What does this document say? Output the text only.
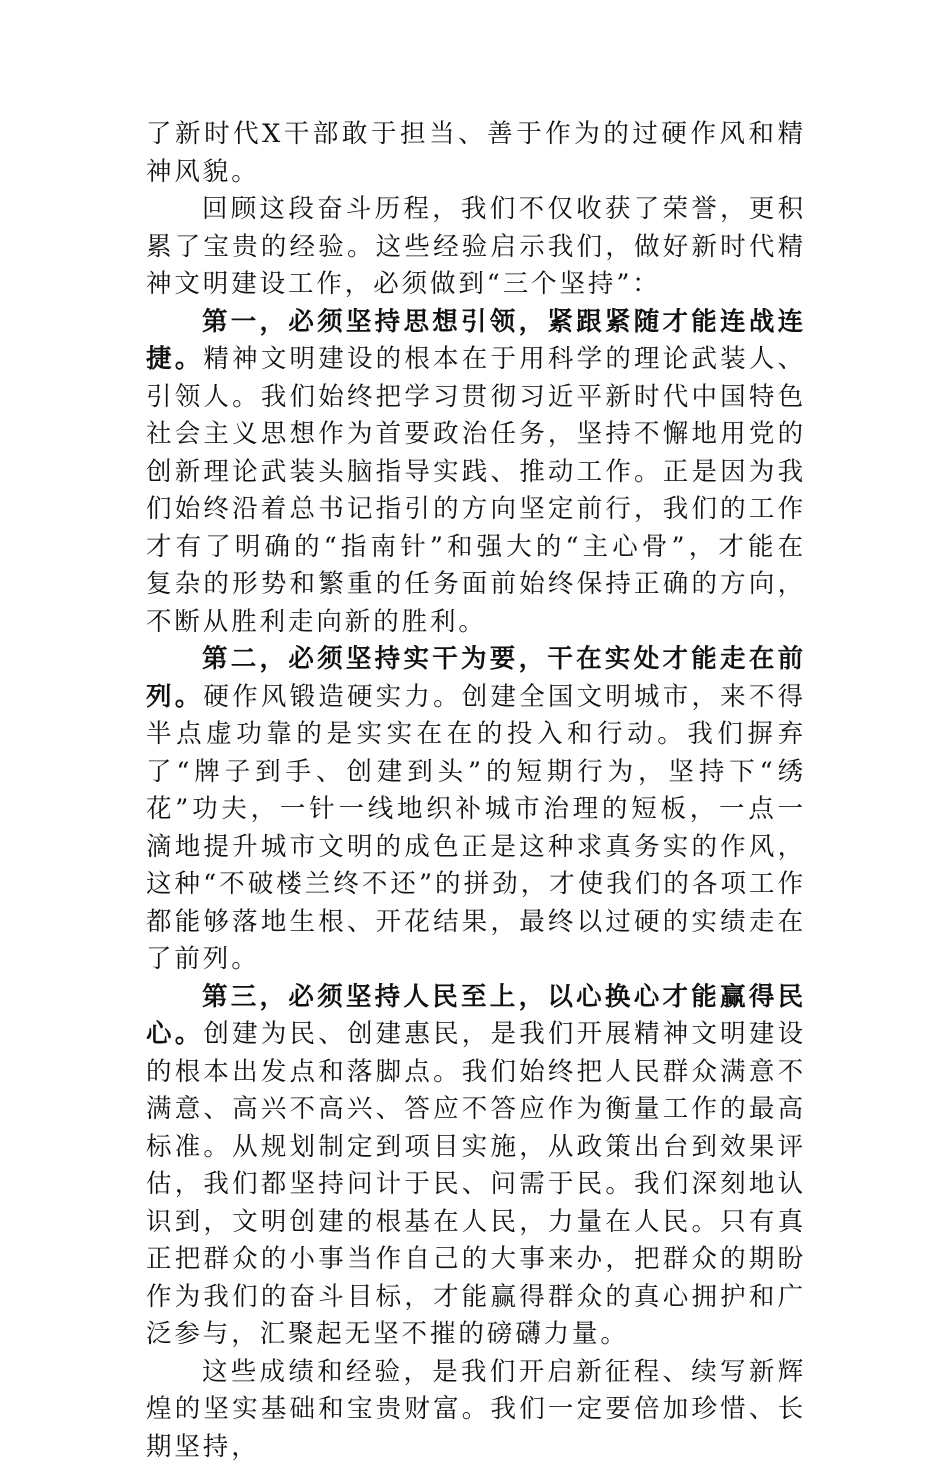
了新时代X干部敢于担当、善于作为的过硬作风和精神风貌。

回顾这段奋斗历程，我们不仅收获了荣誉，更积累了宝贵的经验。这些经验启示我们，做好新时代精神文明建设工作，必须做到“三个坚持”：

第一，必须坚持思想引领，紧跟紧随才能连战连捷。精神文明建设的根本在于用科学的理论武装人、引领人。我们始终把学习贯彻习近平新时代中国特色社会主义思想作为首要政治任务，坚持不懈地用党的创新理论武装头脑指导实践、推动工作。正是因为我们始终沿着总书记指引的方向坚定前行，我们的工作才有了明确的“指南针”和强大的“主心骨”，才能在复杂的形势和繁重的任务面前始终保持正确的方向，不断从胜利走向新的胜利。

第二，必须坚持实干为要，干在实处才能走在前列。硬作风锻造硬实力。创建全国文明城市，来不得半点虚功靠的是实实在在的投入和行动。我们摒弃了“牌子到手、创建到头”的短期行为，坚持下“绣花”功夫，一针一线地织补城市治理的短板，一点一滴地提升城市文明的成色正是这种求真务实的作风，这种“不破楼兰终不还”的拼劲，才使我们的各项工作都能够落地生根、开花结果，最终以过硬的实绩走在了前列。

第三，必须坚持人民至上，以心换心才能赢得民心。创建为民、创建惠民，是我们开展精神文明建设的根本出发点和落脚点。我们始终把人民群众满意不满意、高兴不高兴、答应不答应作为衡量工作的最高标准。从规划制定到项目实施，从政策出台到效果评估，我们都坚持问计于民、问需于民。我们深刻地认识到，文明创建的根基在人民，力量在人民。只有真正把群众的小事当作自己的大事来办，把群众的期盼作为我们的奋斗目标，才能赢得群众的真心拥护和广泛参与，汇聚起无坚不摧的磅礴力量。

这些成绩和经验，是我们开启新征程、续写新辉煌的坚实基础和宝贵财富。我们一定要倍加珍惜、长期坚持，
